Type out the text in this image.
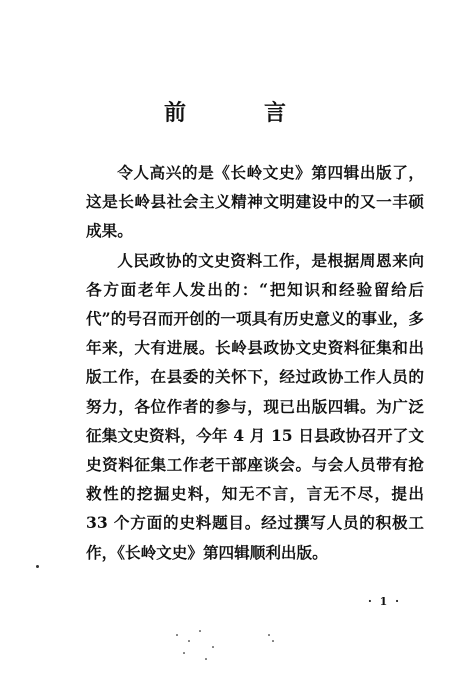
前　言

令人高兴的是《长岭文史》第四辑出版了，这是长岭县社会主义精神文明建设中的又一丰硕成果。

人民政协的文史资料工作，是根据周恩来向各方面老年人发出的：“把知识和经验留给后代”的号召而开创的一项具有历史意义的事业，多年来，大有进展。长岭县政协文史资料征集和出版工作，在县委的关怀下，经过政协工作人员的努力，各位作者的参与，现已出版四辑。为广泛征集文史资料，今年 4 月 15 日县政协召开了文史资料征集工作老干部座谈会。与会人员带有抢救性的挖掘史料，知无不言，言无不尽，提出 33 个方面的史料题目。经过撰写人员的积极工作，《长岭文史》第四辑顺利出版。

· 1 ·
